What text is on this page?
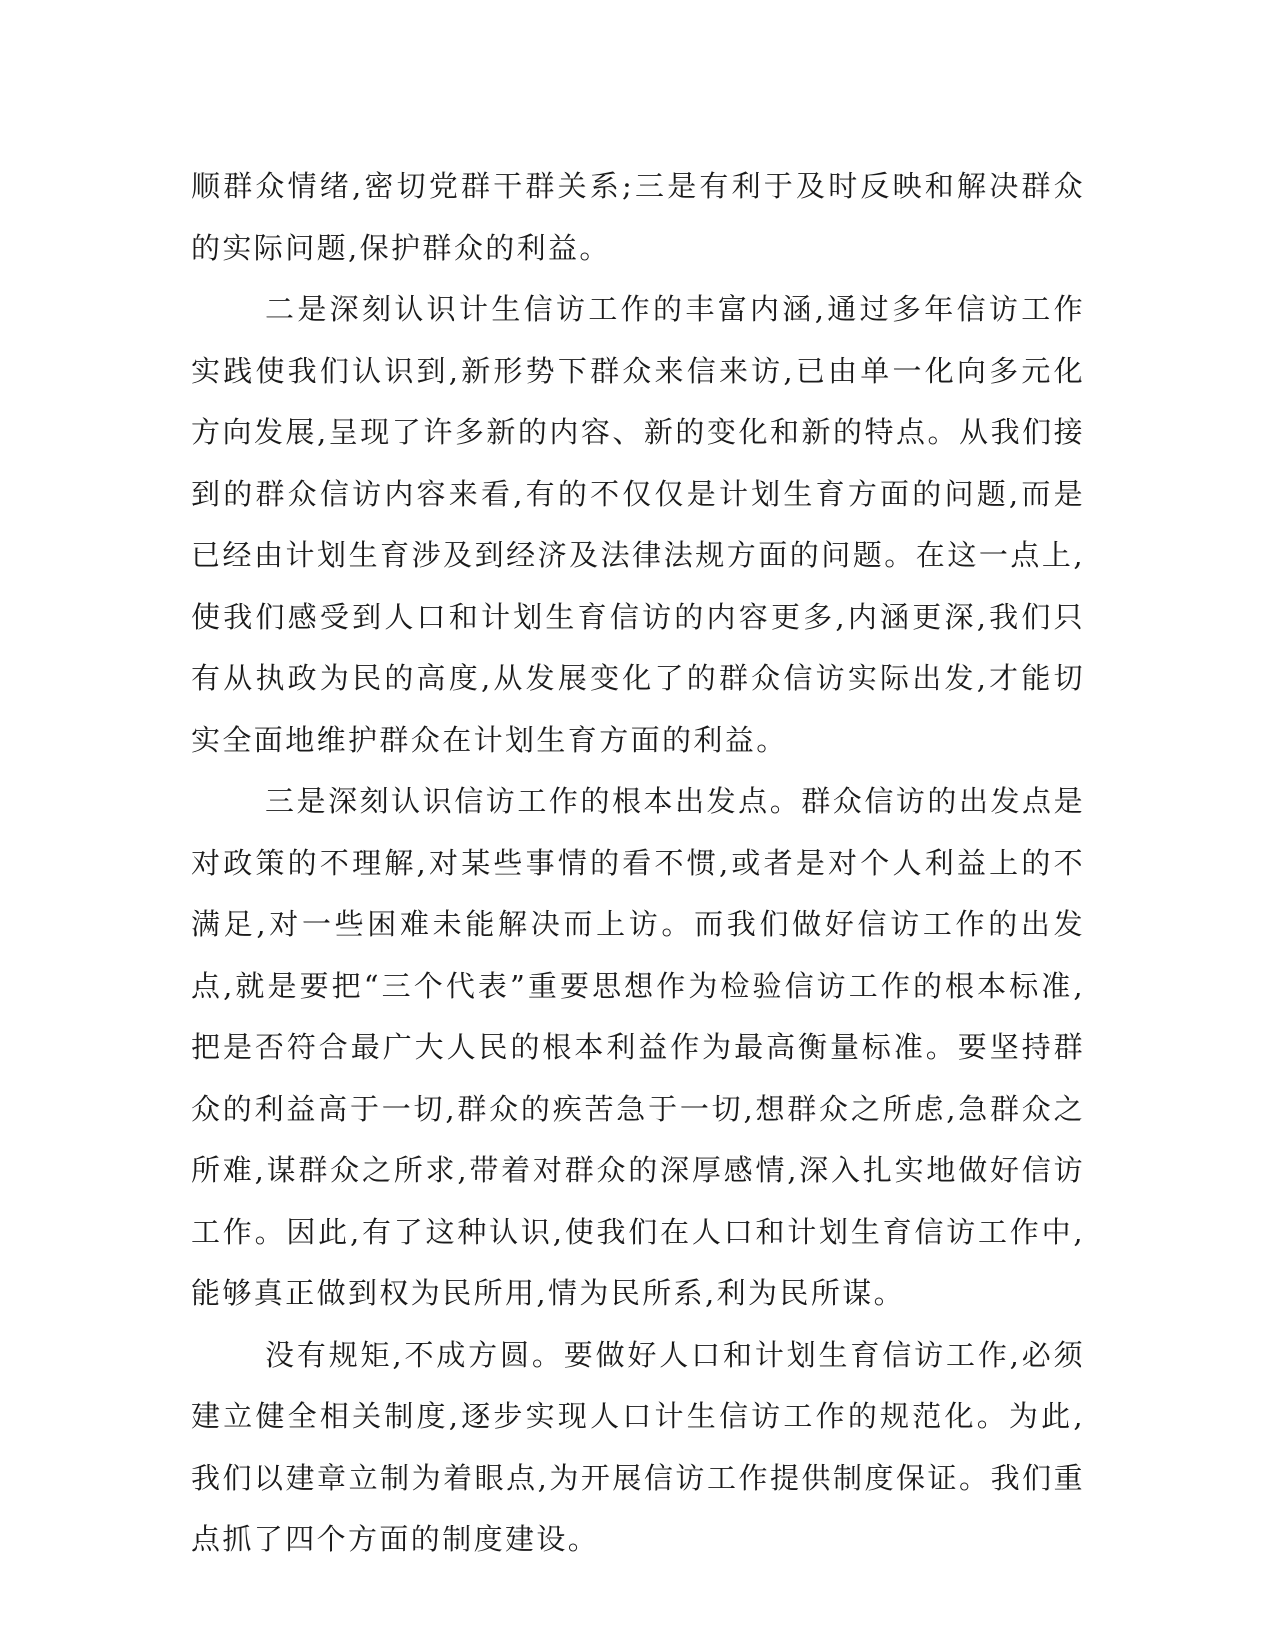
顺群众情绪,密切党群干群关系;三是有利于及时反映和解决群众的实际问题,保护群众的利益。

二是深刻认识计生信访工作的丰富内涵,通过多年信访工作实践使我们认识到,新形势下群众来信来访,已由单一化向多元化方向发展,呈现了许多新的内容、新的变化和新的特点。从我们接到的群众信访内容来看,有的不仅仅是计划生育方面的问题,而是已经由计划生育涉及到经济及法律法规方面的问题。在这一点上,使我们感受到人口和计划生育信访的内容更多,内涵更深,我们只有从执政为民的高度,从发展变化了的群众信访实际出发,才能切实全面地维护群众在计划生育方面的利益。

三是深刻认识信访工作的根本出发点。群众信访的出发点是对政策的不理解,对某些事情的看不惯,或者是对个人利益上的不满足,对一些困难未能解决而上访。而我们做好信访工作的出发点,就是要把“三个代表”重要思想作为检验信访工作的根本标准,把是否符合最广大人民的根本利益作为最高衡量标准。要坚持群众的利益高于一切,群众的疾苦急于一切,想群众之所虑,急群众之所难,谋群众之所求,带着对群众的深厚感情,深入扎实地做好信访工作。因此,有了这种认识,使我们在人口和计划生育信访工作中,能够真正做到权为民所用,情为民所系,利为民所谋。

没有规矩,不成方圆。要做好人口和计划生育信访工作,必须建立健全相关制度,逐步实现人口计生信访工作的规范化。为此,我们以建章立制为着眼点,为开展信访工作提供制度保证。我们重点抓了四个方面的制度建设。
